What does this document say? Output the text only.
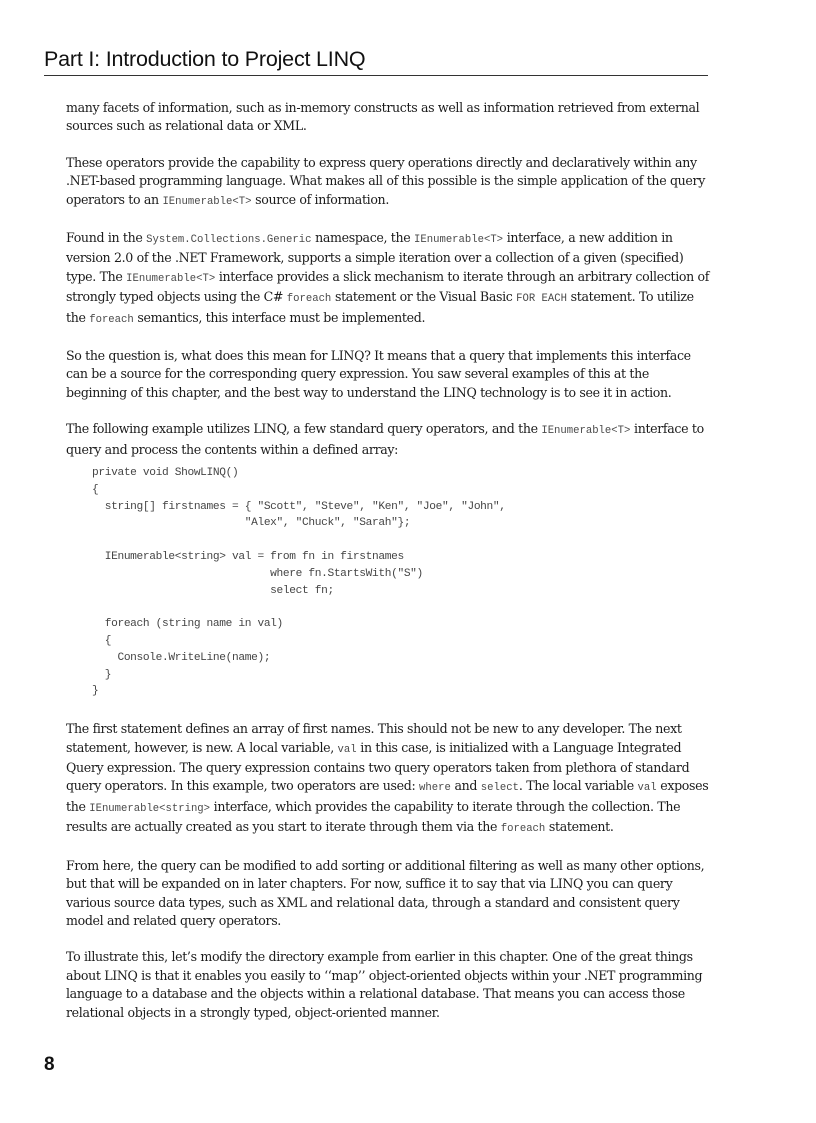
Part I: Introduction to Project LINQ

many facets of information, such as in-memory constructs as well as information retrieved from external sources such as relational data or XML.

These operators provide the capability to express query operations directly and declaratively within any .NET-based programming language. What makes all of this possible is the simple application of the query operators to an IEnumerable<T> source of information.

Found in the System.Collections.Generic namespace, the IEnumerable<T> interface, a new addition in version 2.0 of the .NET Framework, supports a simple iteration over a collection of a given (specified) type. The IEnumerable<T> interface provides a slick mechanism to iterate through an arbitrary collection of strongly typed objects using the C# foreach statement or the Visual Basic FOR EACH statement. To utilize the foreach semantics, this interface must be implemented.

So the question is, what does this mean for LINQ? It means that a query that implements this interface can be a source for the corresponding query expression. You saw several examples of this at the beginning of this chapter, and the best way to understand the LINQ technology is to see it in action.

The following example utilizes LINQ, a few standard query operators, and the IEnumerable<T> interface to query and process the contents within a defined array:

private void ShowLINQ()
{
string[] firstnames = { "Scott", "Steve", "Ken", "Joe", "John",
"Alex", "Chuck", "Sarah"};

IEnumerable<string> val = from fn in firstnames
where fn.StartsWith("S")
select fn;

foreach (string name in val)
{
Console.WriteLine(name);
}
}

The first statement defines an array of first names. This should not be new to any developer. The next statement, however, is new. A local variable, val in this case, is initialized with a Language Integrated Query expression. The query expression contains two query operators taken from plethora of standard query operators. In this example, two operators are used: where and select. The local variable val exposes the IEnumerable<string> interface, which provides the capability to iterate through the collection. The results are actually created as you start to iterate through them via the foreach statement.

From here, the query can be modified to add sorting or additional filtering as well as many other options, but that will be expanded on in later chapters. For now, suffice it to say that via LINQ you can query various source data types, such as XML and relational data, through a standard and consistent query model and related query operators.

To illustrate this, let’s modify the directory example from earlier in this chapter. One of the great things about LINQ is that it enables you easily to ‘‘map’’ object-oriented objects within your .NET programming language to a database and the objects within a relational database. That means you can access those relational objects in a strongly typed, object-oriented manner.

8
